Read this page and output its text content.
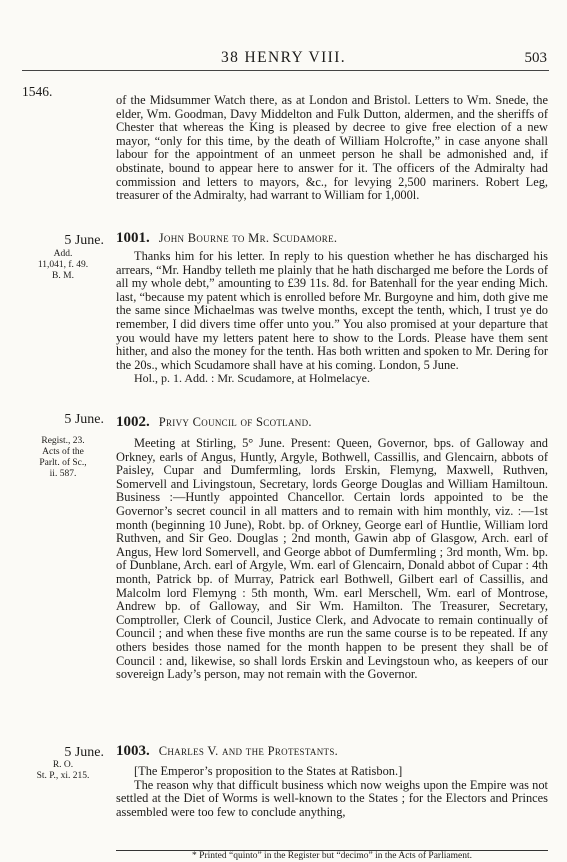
38 HENRY VIII.	503
1546.

of the Midsummer Watch there, as at London and Bristol. Letters to Wm. Snede, the elder, Wm. Goodman, Davy Middelton and Fulk Dutton, aldermen, and the sheriffs of Chester that whereas the King is pleased by decree to give free election of a new mayor, “only for this time, by the death of William Holcrofte,” in case anyone shall labour for the appointment of an unmeet person he shall be admonished and, if obstinate, bound to appear here to answer for it. The officers of the Admiralty had commission and letters to mayors, &c., for levying 2,500 mariners. Robert Leg, treasurer of the Admiralty, had warrant to William for 1,000l.

5 June.
Add.
11,041, f. 49.
B. M.
1001. John Bourne to Mr. Scudamore.

Thanks him for his letter. In reply to his question whether he has discharged his arrears, “Mr. Handby telleth me plainly that he hath discharged me before the Lords of all my whole debt,” amounting to £39 11s. 8d. for Batenhall for the year ending Mich. last, “because my patent which is enrolled before Mr. Burgoyne and him, doth give me the same since Michaelmas was twelve months, except the tenth, which, I trust ye do remember, I did divers time offer unto you.” You also promised at your departure that you would have my letters patent here to show to the Lords. Please have them sent hither, and also the money for the tenth. Has both written and spoken to Mr. Dering for the 20s., which Scudamore shall have at his coming. London, 5 June.

Hol., p. 1. Add. : Mr. Scudamore, at Holmelacye.

5 June.
Regist., 23.
Acts of the
Parlt. of Sc.,
ii. 587.
1002. Privy Council of Scotland.

Meeting at Stirling, 5° June. Present: Queen, Governor, bps. of Galloway and Orkney, earls of Angus, Huntly, Argyle, Bothwell, Cassillis, and Glencairn, abbots of Paisley, Cupar and Dumfermling, lords Erskin, Flemyng, Maxwell, Ruthven, Somervell and Livingstoun, Secretary, lords George Douglas and William Hamiltoun. Business :—Huntly appointed Chancellor. Certain lords appointed to be the Governor’s secret council in all matters and to remain with him monthly, viz. :—1st month (beginning 10 June), Robt. bp. of Orkney, George earl of Huntlie, William lord Ruthven, and Sir Geo. Douglas ; 2nd month, Gawin abp of Glasgow, Arch. earl of Angus, Hew lord Somervell, and George abbot of Dumfermling ; 3rd month, Wm. bp. of Dunblane, Arch. earl of Argyle, Wm. earl of Glencairn, Donald abbot of Cupar : 4th month, Patrick bp. of Murray, Patrick earl Bothwell, Gilbert earl of Cassillis, and Malcolm lord Flemyng : 5th month, Wm. earl Merschell, Wm. earl of Montrose, Andrew bp. of Galloway, and Sir Wm. Hamilton. The Treasurer, Secretary, Comptroller, Clerk of Council, Justice Clerk, and Advocate to remain continually of Council ; and when these five months are run the same course is to be repeated. If any others besides those named for the month happen to be present they shall be of Council : and, likewise, so shall lords Erskin and Levingstoun who, as keepers of our sovereign Lady’s person, may not remain with the Governor.

5 June.
R. O.
St. P., xi. 215.
1003. Charles V. and the Protestants.

[The Emperor’s proposition to the States at Ratisbon.]

The reason why that difficult business which now weighs upon the Empire was not settled at the Diet of Worms is well-known to the States ; for the Electors and Princes assembled were too few to conclude anything,

* Printed “quinto” in the Register but “decimo” in the Acts of Parliament.
